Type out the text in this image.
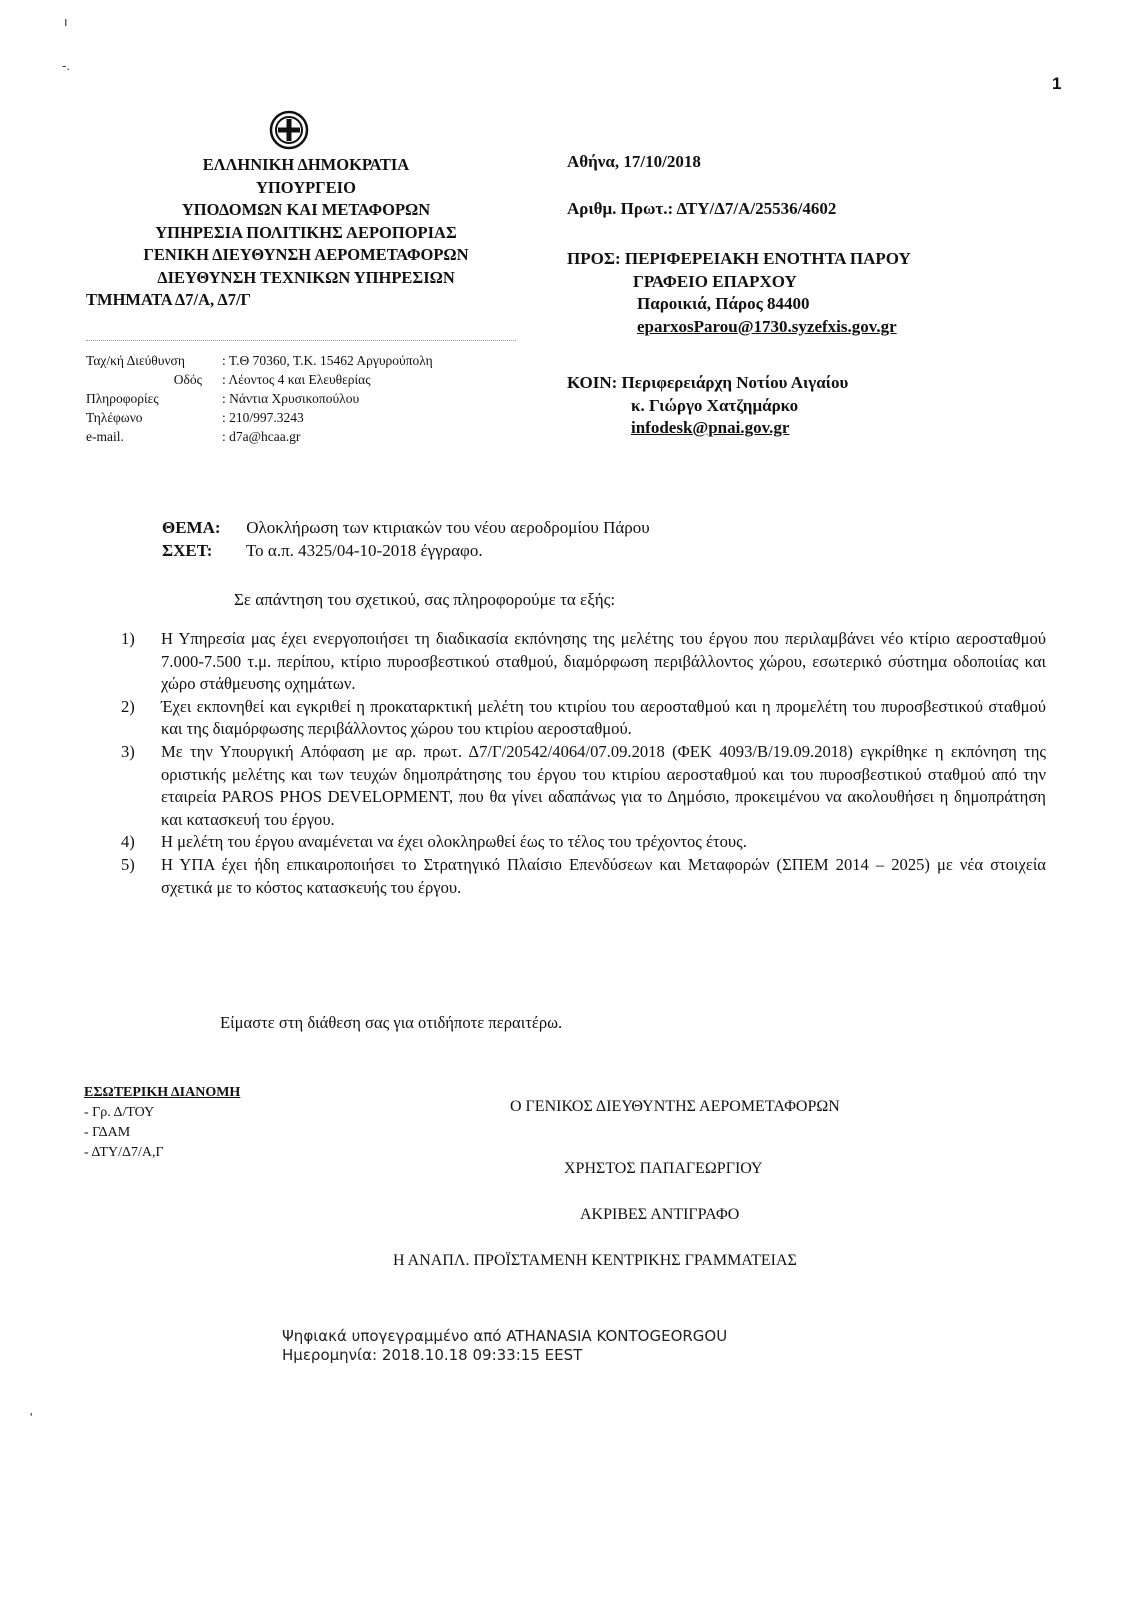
ı
-.
1
ΕΛΛΗΝΙΚΗ ΔΗΜΟΚΡΑΤΙΑ
ΥΠΟΥΡΓΕΙΟ
ΥΠΟΔΟΜΩΝ ΚΑΙ ΜΕΤΑΦΟΡΩΝ
ΥΠΗΡΕΣΙΑ ΠΟΛΙΤΙΚΗΣ ΑΕΡΟΠΟΡΙΑΣ
ΓΕΝΙΚΗ ΔΙΕΥΘΥΝΣΗ ΑΕΡΟΜΕΤΑΦΟΡΩΝ
ΔΙΕΥΘΥΝΣΗ ΤΕΧΝΙΚΩΝ ΥΠΗΡΕΣΙΩΝ
ΤΜΗΜΑΤΑ Δ7/Α, Δ7/Γ
Ταχ/κή Διεύθυνση	: Τ.Θ 70360, Τ.Κ. 15462 Αργυρούπολη
Οδός	: Λέοντος 4 και Ελευθερίας
Πληροφορίες	: Νάντια Χρυσικοπούλου
Τηλέφωνο	: 210/997.3243
e-mail.	: d7a@hcaa.gr
Αθήνα, 17/10/2018
Αριθμ. Πρωτ.: ΔΤΥ/Δ7/Α/25536/4602
ΠΡΟΣ: ΠΕΡΙΦΕΡΕΙΑΚΗ ΕΝΟΤΗΤΑ ΠΑΡΟΥ
ΓΡΑΦΕΙΟ ΕΠΑΡΧΟΥ
Παροικιά, Πάρος 84400
eparxosParou@1730.syzefxis.gov.gr
ΚΟΙΝ: Περιφερειάρχη Νοτίου Αιγαίου
κ. Γιώργο Χατζημάρκο
infodesk@pnai.gov.gr
ΘΕΜΑ: Ολοκλήρωση των κτιριακών του νέου αεροδρομίου Πάρου
ΣΧΕΤ: Το α.π. 4325/04-10-2018 έγγραφο.
Σε απάντηση του σχετικού, σας πληροφορούμε τα εξής:
1)	Η Υπηρεσία μας έχει ενεργοποιήσει τη διαδικασία εκπόνησης της μελέτης του έργου που περιλαμβάνει νέο κτίριο αεροσταθμού 7.000-7.500 τ.μ. περίπου, κτίριο πυροσβεστικού σταθμού, διαμόρφωση περιβάλλοντος χώρου, εσωτερικό σύστημα οδοποιίας και χώρο στάθμευσης οχημάτων.
2)	Έχει εκπονηθεί και εγκριθεί η προκαταρκτική μελέτη του κτιρίου του αεροσταθμού και η προμελέτη του πυροσβεστικού σταθμού και της διαμόρφωσης περιβάλλοντος χώρου του κτιρίου αεροσταθμού.
3)	Με την Υπουργική Απόφαση με αρ. πρωτ. Δ7/Γ/20542/4064/07.09.2018 (ΦΕΚ 4093/Β/19.09.2018) εγκρίθηκε η εκπόνηση της οριστικής μελέτης και των τευχών δημοπράτησης του έργου του κτιρίου αεροσταθμού και του πυροσβεστικού σταθμού από την εταιρεία PAROS PHOS DEVELOPMENT, που θα γίνει αδαπάνως για το Δημόσιο, προκειμένου να ακολουθήσει η δημοπράτηση και κατασκευή του έργου.
4)	Η μελέτη του έργου αναμένεται να έχει ολοκληρωθεί έως το τέλος του τρέχοντος έτους.
5)	Η ΥΠΑ έχει ήδη επικαιροποιήσει το Στρατηγικό Πλαίσιο Επενδύσεων και Μεταφορών (ΣΠΕΜ 2014 – 2025) με νέα στοιχεία σχετικά με το κόστος κατασκευής του έργου.
Είμαστε στη διάθεση σας για οτιδήποτε περαιτέρω.
ΕΣΩΤΕΡΙΚΗ ΔΙΑΝΟΜΗ
- Γρ. Δ/ΤΟΥ
- ΓΔΑΜ
- ΔΤΥ/Δ7/Α,Γ
Ο ΓΕΝΙΚΟΣ ΔΙΕΥΘΥΝΤΗΣ ΑΕΡΟΜΕΤΑΦΟΡΩΝ
ΧΡΗΣΤΟΣ ΠΑΠΑΓΕΩΡΓΙΟΥ
ΑΚΡΙΒΕΣ ΑΝΤΙΓΡΑΦΟ
Η ΑΝΑΠΛ. ΠΡΟΪΣΤΑΜΕΝΗ ΚΕΝΤΡΙΚΗΣ ΓΡΑΜΜΑΤΕΙΑΣ
Ψηφιακά υπογεγραμμένο από ATHANASIA KONTOGEORGOU
Ημερομηνία: 2018.10.18 09:33:15 EEST
'
